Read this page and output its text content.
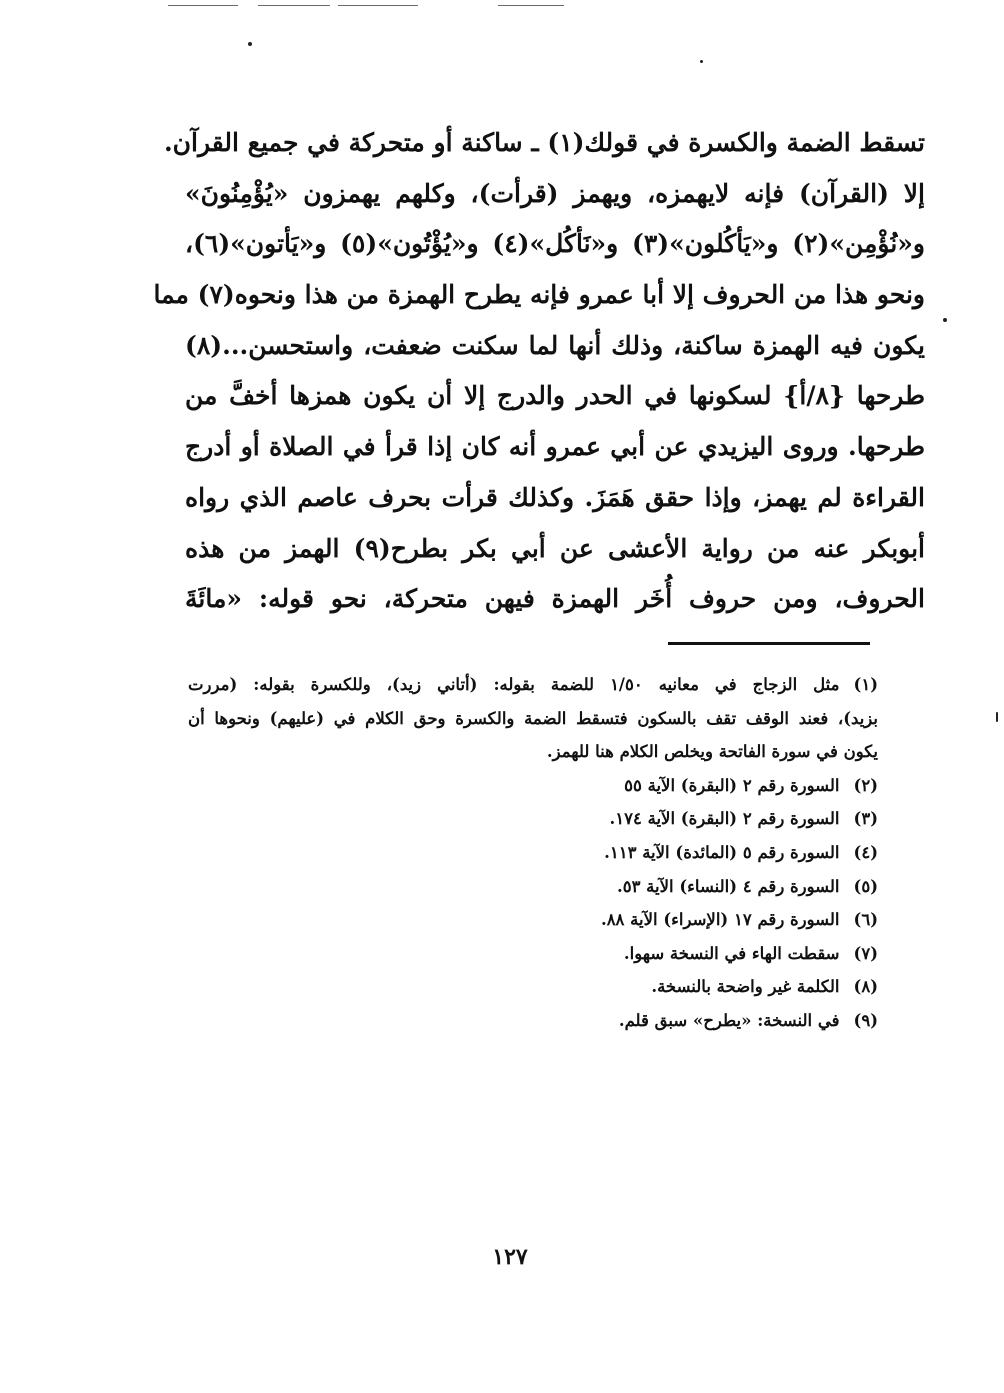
تسقط الضمة والكسرة في قولك(١) ـ ساكنة أو متحركة في جميع القرآن.
إلا (القرآن) فإنه لايهمزه، ويهمز (قرأت)، وكلهم يهمزون «يُؤْمِنُونَ»
و«نُؤْمِن»(٢) و«يَأكُلون»(٣) و«نَأكُل»(٤) و«يُؤْتُون»(٥) و«يَأتون»(٦)،
ونحو هذا من الحروف إلا أبا عمرو فإنه يطرح الهمزة من هذا ونحوه(٧) مما
يكون فيه الهمزة ساكنة، وذلك أنها لما سكنت ضعفت، واستحسن...(٨)
طرحها {٨/أ} لسكونها في الحدر والدرج إلا أن يكون همزها أخفَّ من
طرحها. وروى اليزيدي عن أبي عمرو أنه كان إذا قرأ في الصلاة أو أدرج
القراءة لم يهمز، وإذا حقق هَمَزَ. وكذلك قرأت بحرف عاصم الذي رواه
أبوبكر عنه من رواية الأعشى عن أبي بكر بطرح(٩) الهمز من هذه
الحروف، ومن حروف أُخَر الهمزة فيهن متحركة، نحو قوله: «مائَةَ
(١)مثل الزجاج في معانيه ١/٥٠ للضمة بقوله: (أتاني زيد)، وللكسرة بقوله: (مررت
بزيد)، فعند الوقف تقف بالسكون فتسقط الضمة والكسرة وحق الكلام في (عليهم) ونحوها أن
يكون في سورة الفاتحة ويخلص الكلام هنا للهمز.
(٢)السورة رقم ٢ (البقرة) الآية ٥٥
(٣)السورة رقم ٢ (البقرة) الآية ١٧٤.
(٤)السورة رقم ٥ (المائدة) الآية ١١٣.
(٥)السورة رقم ٤ (النساء) الآية ٥٣.
(٦)السورة رقم ١٧ (الإسراء) الآية ٨٨.
(٧)سقطت الهاء في النسخة سهوا.
(٨)الكلمة غير واضحة بالنسخة.
(٩)في النسخة: «يطرح» سبق قلم.
١٢٧
